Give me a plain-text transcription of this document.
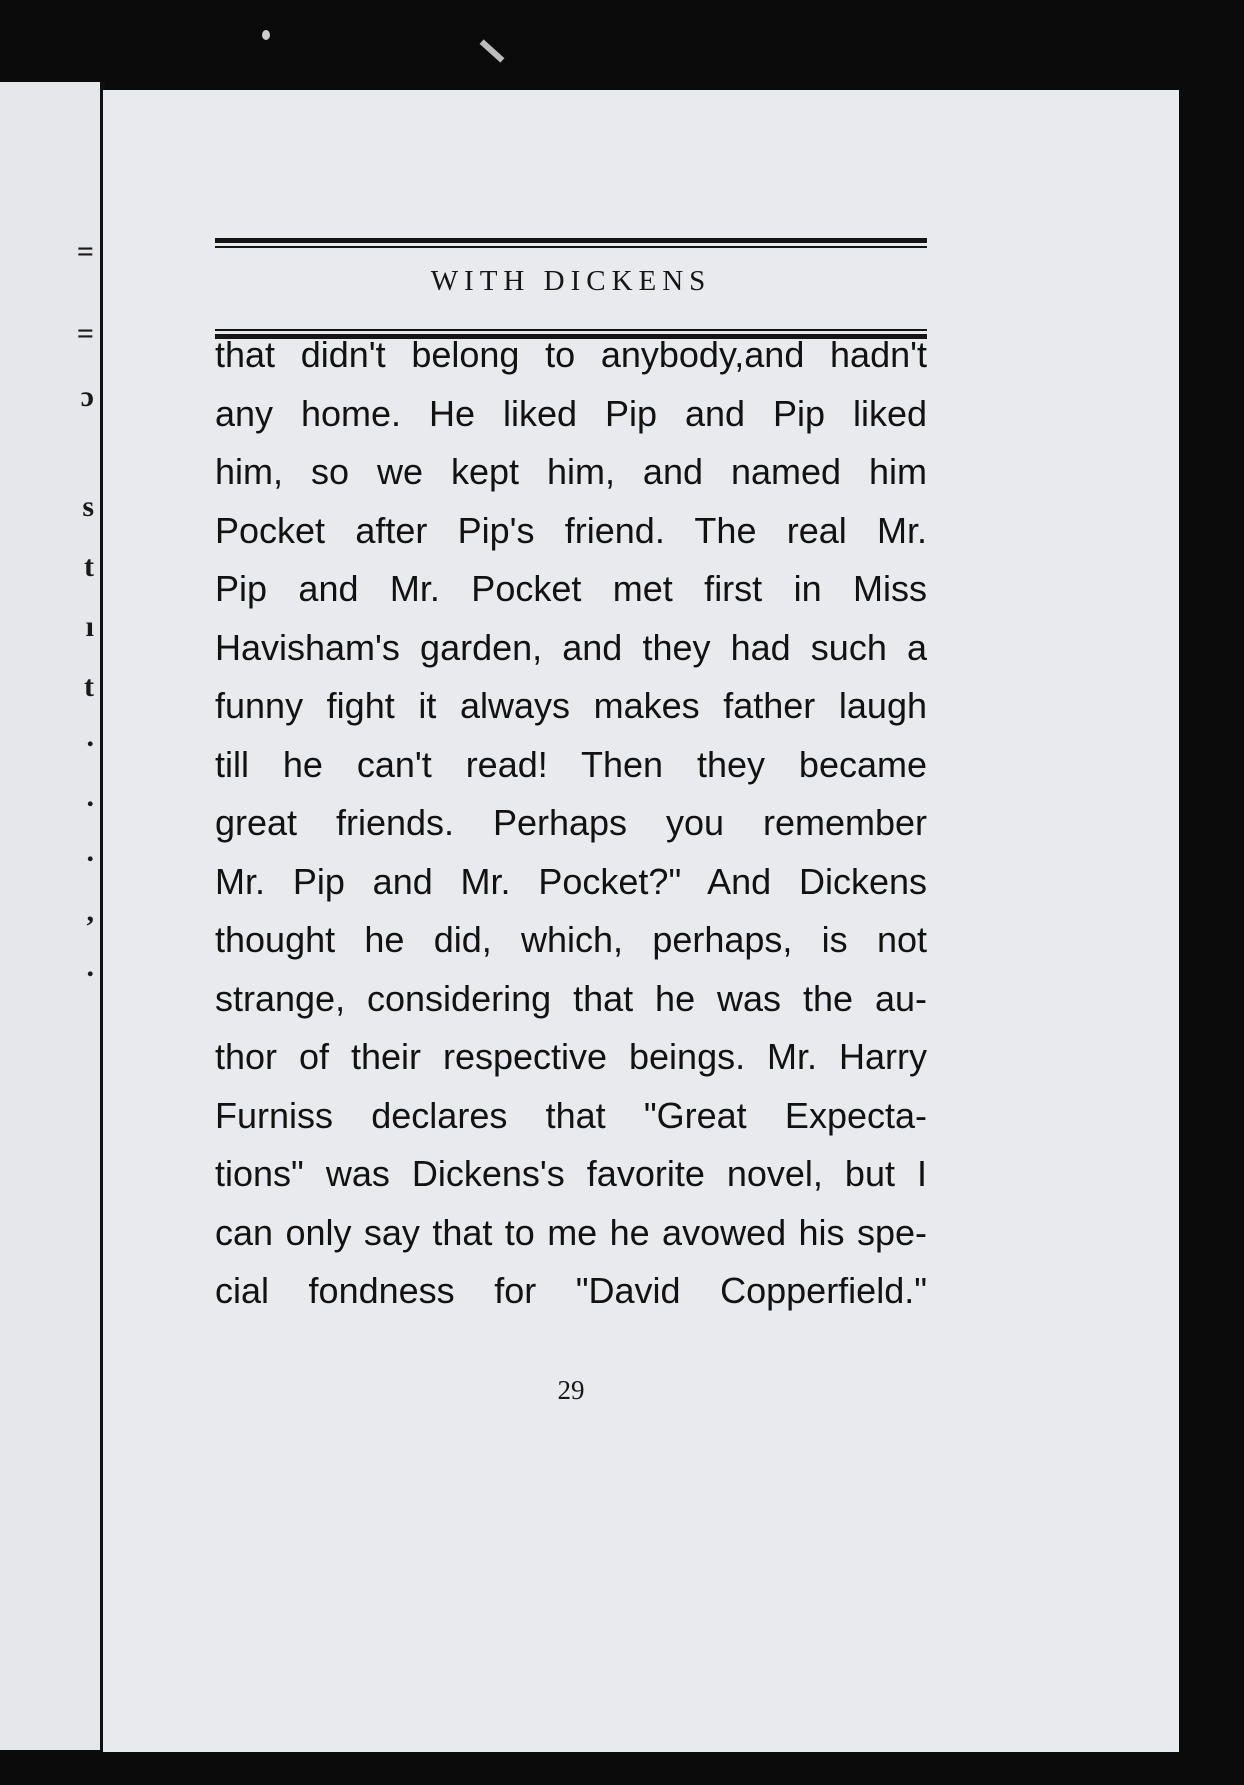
=
=
ɔ
s
t
ı
t
.
.
.
,
.
WITH DICKENS
that didn't belong to anybody,and hadn't
any home. He liked Pip and Pip liked
him, so we kept him, and named him
Pocket after Pip's friend. The real Mr.
Pip and Mr. Pocket met first in Miss
Havisham's garden, and they had such a
funny fight it always makes father laugh
till he can't read! Then they became
great friends. Perhaps you remember
Mr. Pip and Mr. Pocket?" And Dickens
thought he did, which, perhaps, is not
strange, considering that he was the au-
thor of their respective beings. Mr. Harry
Furniss declares that "Great Expecta-
tions" was Dickens's favorite novel, but I
can only say that to me he avowed his spe-
cial fondness for "David Copperfield."
29
